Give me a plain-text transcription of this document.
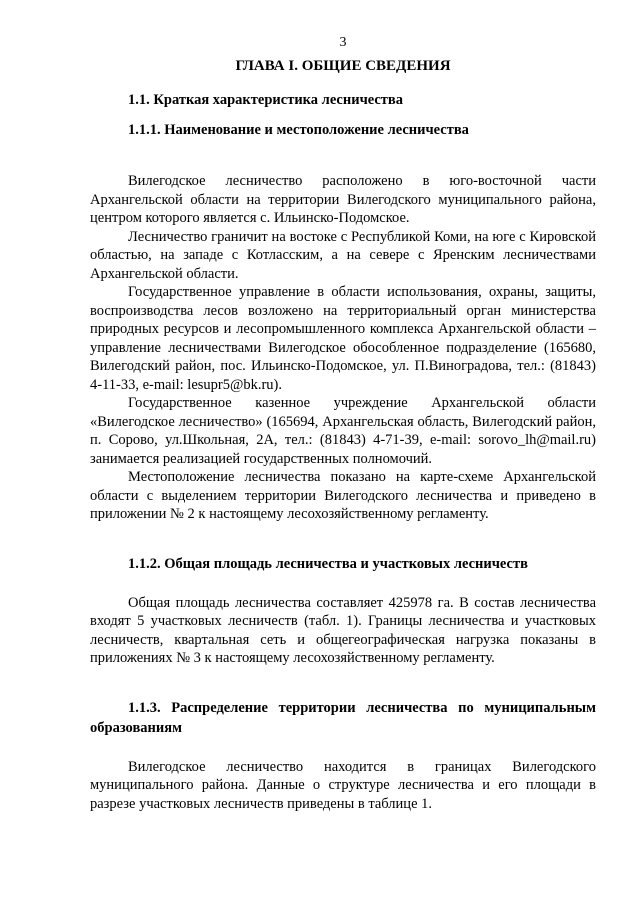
3
ГЛАВА I. ОБЩИЕ СВЕДЕНИЯ
1.1. Краткая характеристика лесничества
1.1.1. Наименование и местоположение лесничества

Вилегодское лесничество расположено в юго-восточной части Архангельской области на территории Вилегодского муниципального района, центром которого является с. Ильинско-Подомское.

Лесничество граничит на востоке с Республикой Коми, на юге с Кировской областью, на западе с Котласским, а на севере с Яренским лесничествами Архангельской области.

Государственное управление в области использования, охраны, защиты, воспроизводства лесов возложено на территориальный орган министерства природных ресурсов и лесопромышленного комплекса Архангельской области – управление лесничествами Вилегодское обособленное подразделение (165680, Вилегодский район, пос. Ильинско-Подомское, ул. П.Виноградова, тел.: (81843) 4-11-33, e-mail: lesupr5@bk.ru).

Государственное казенное учреждение Архангельской области «Вилегодское лесничество» (165694, Архангельская область, Вилегодский район, п. Сорово, ул.Школьная, 2А, тел.: (81843) 4-71-39, e-mail: sorovo_lh@mail.ru) занимается реализацией государственных полномочий.

Местоположение лесничества показано на карте-схеме Архангельской области с выделением территории Вилегодского лесничества и приведено в приложении № 2 к настоящему лесохозяйственному регламенту.

1.1.2. Общая площадь лесничества и участковых лесничеств

Общая площадь лесничества составляет 425978 га. В состав лесничества входят 5 участковых лесничеств (табл. 1). Границы лесничества и участковых лесничеств, квартальная сеть и общегеографическая нагрузка показаны в приложениях № 3 к настоящему лесохозяйственному регламенту.

1.1.3. Распределение территории лесничества по муниципальным образованиям

Вилегодское лесничество находится в границах Вилегодского муниципального района. Данные о структуре лесничества и его площади в разрезе участковых лесничеств приведены в таблице 1.
